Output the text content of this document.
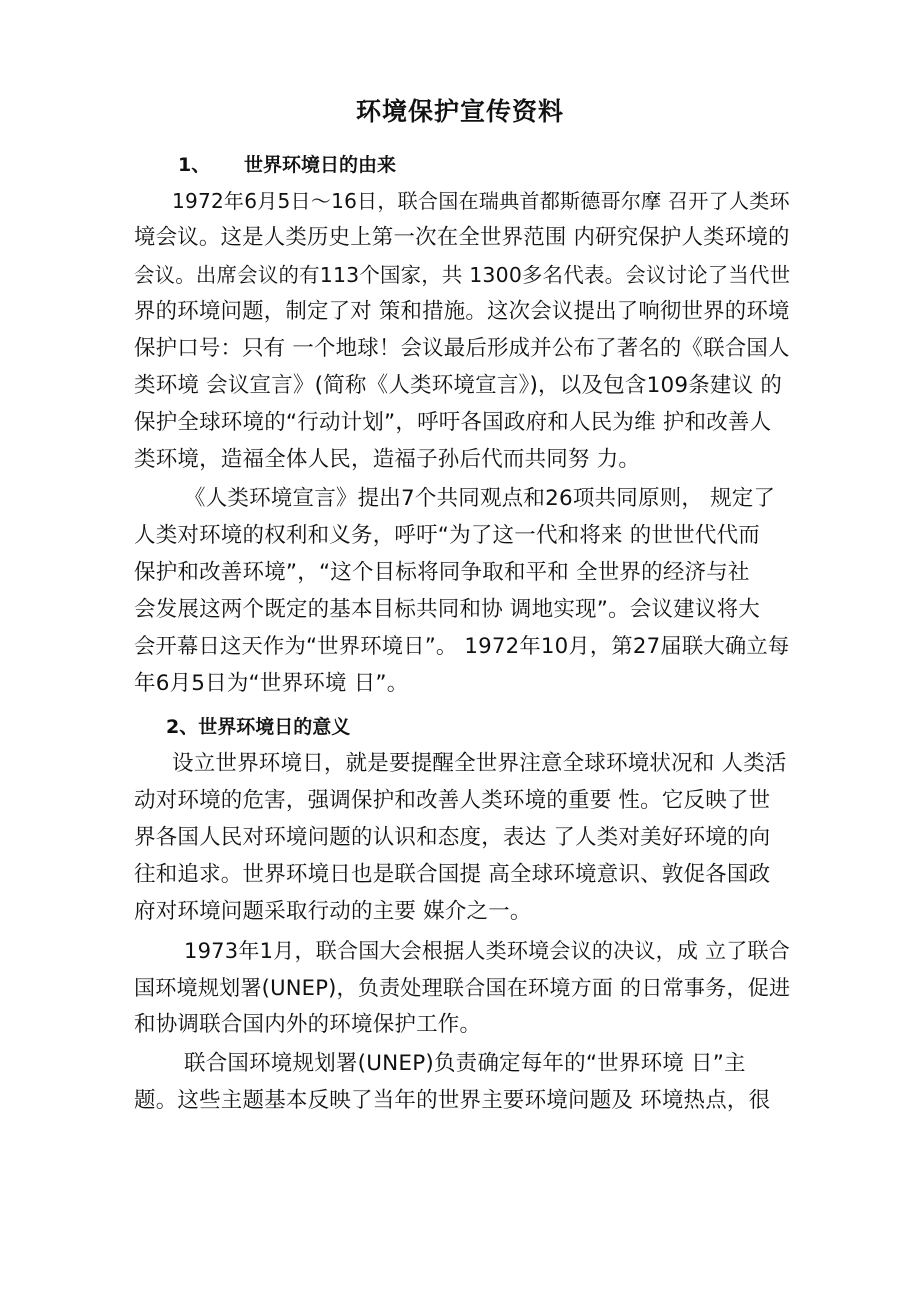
环境保护宣传资料
1、 世界环境日的由来
1972年6月5日～16日，联合国在瑞典首都斯德哥尔摩 召开了人类环
境会议。这是人类历史上第一次在全世界范围 内研究保护人类环境的
会议。出席会议的有113个国家，共 1300多名代表。会议讨论了当代世
界的环境问题，制定了对 策和措施。这次会议提出了响彻世界的环境
保护口号：只有 一个地球！会议最后形成并公布了著名的《联合国人
类环境 会议宣言》(简称《人类环境宣言》)，以及包含109条建议 的
保护全球环境的“行动计划”，呼吁各国政府和人民为维 护和改善人
类环境，造福全体人民，造福子孙后代而共同努 力。
《人类环境宣言》提出7个共同观点和26项共同原则， 规定了
人类对环境的权利和义务，呼吁“为了这一代和将来 的世世代代而
保护和改善环境”，“这个目标将同争取和平和 全世界的经济与社
会发展这两个既定的基本目标共同和协 调地实现”。会议建议将大
会开幕日这天作为“世界环境日”。 1972年10月，第27届联大确立每
年6月5日为“世界环境 日”。
2、世界环境日的意义
设立世界环境日，就是要提醒全世界注意全球环境状况和 人类活
动对环境的危害，强调保护和改善人类环境的重要 性。它反映了世
界各国人民对环境问题的认识和态度，表达 了人类对美好环境的向
往和追求。世界环境日也是联合国提 高全球环境意识、敦促各国政
府对环境问题采取行动的主要 媒介之一。
1973年1月，联合国大会根据人类环境会议的决议，成 立了联合
国环境规划署(UNEP)，负责处理联合国在环境方面 的日常事务，促进
和协调联合国内外的环境保护工作。
联合国环境规划署(UNEP)负责确定每年的“世界环境 日”主
题。这些主题基本反映了当年的世界主要环境问题及 环境热点，很
